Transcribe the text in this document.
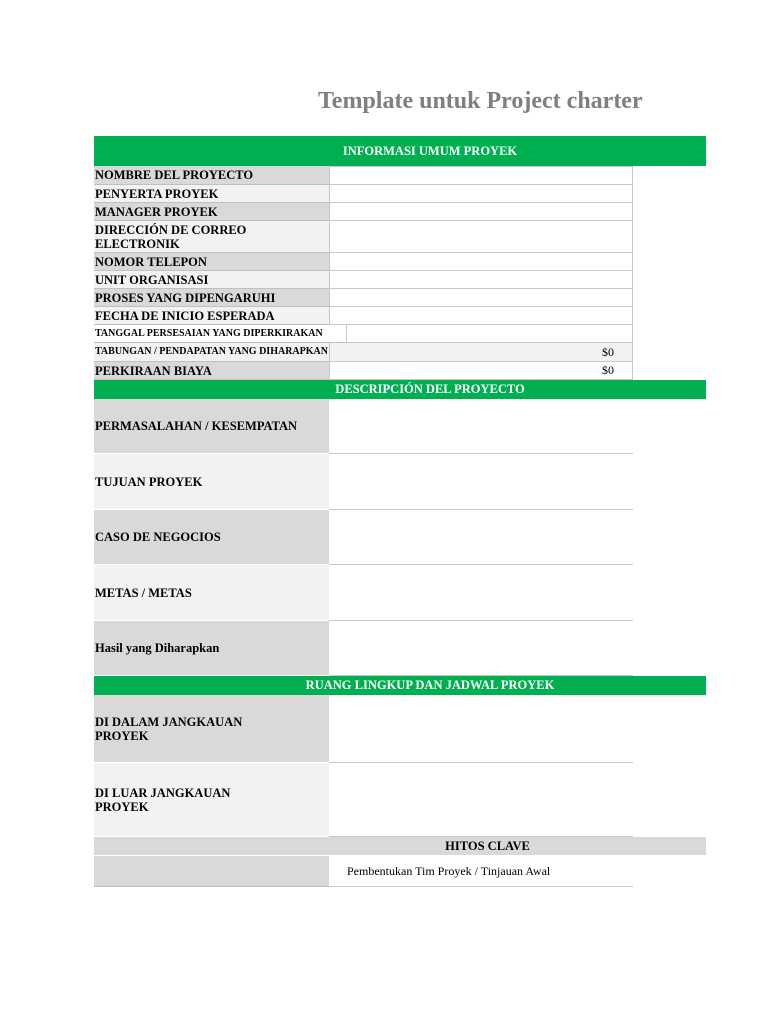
Template untuk Project charter
INFORMASI UMUM PROYEK
NOMBRE DEL PROYECTO
PENYERTA PROYEK
MANAGER PROYEK
DIRECCIÓN DE CORREO ELECTRONIK
NOMOR TELEPON
UNIT ORGANISASI
PROSES YANG DIPENGARUHI
FECHA DE INICIO ESPERADA
TANGGAL PERSESAIAN YANG DIPERKIRAKAN
TABUNGAN / PENDAPATAN YANG DIHARAPKAN	$0
PERKIRAAN BIAYA	$0
DESCRIPCIÓN DEL PROYECTO
PERMASALAHAN / KESEMPATAN
TUJUAN PROYEK
CASO DE NEGOCIOS
METAS / METAS
Hasil yang Diharapkan
RUANG LINGKUP DAN JADWAL PROYEK
DI DALAM JANGKAUAN
PROYEK
DI LUAR JANGKAUAN
PROYEK
HITOS CLAVE
Pembentukan Tim Proyek / Tinjauan Awal
